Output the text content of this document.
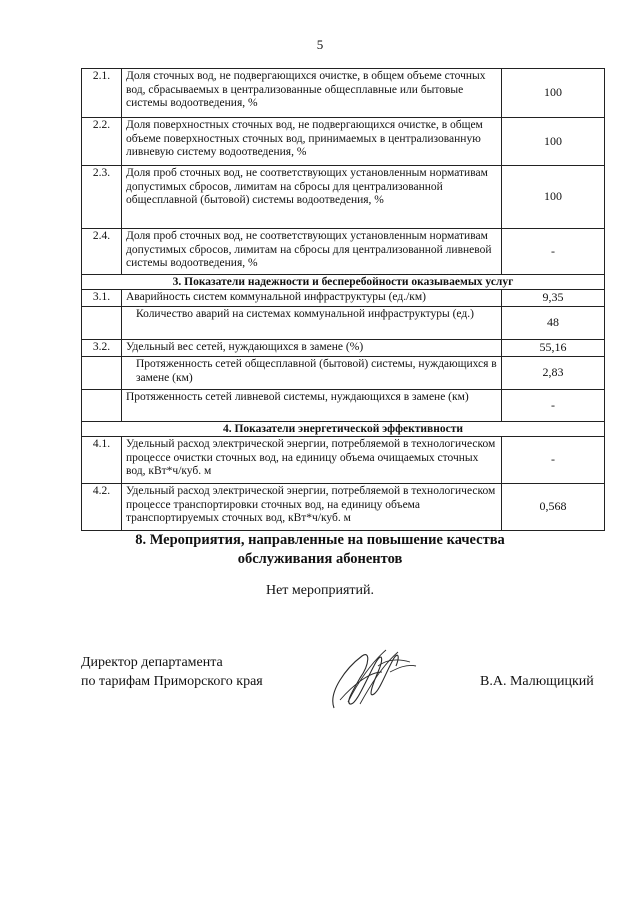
5
2.1.	Доля сточных вод, не подвергающихся очистке, в общем объеме сточных вод, сбрасываемых в централизованные общесплавные или бытовые системы водоотведения, %	100
2.2.	Доля поверхностных сточных вод, не подвергающихся очистке, в общем объеме поверхностных сточных вод, принимаемых в централизованную ливневую систему водоотведения, %	100
2.3.	Доля проб сточных вод, не соответствующих установленным нормативам допустимых сбросов, лимитам на сбросы для централизованной общесплавной (бытовой) системы водоотведения, %	100
2.4.	Доля проб сточных вод, не соответствующих установленным нормативам допустимых сбросов, лимитам на сбросы для централизованной ливневой системы водоотведения, %	-
3. Показатели надежности и бесперебойности оказываемых услуг		
3.1.	Аварийность систем коммунальной инфраструктуры (ед./км)	9,35
	Количество аварий на системах коммунальной инфраструктуры (ед.)	48
3.2.	Удельный вес сетей, нуждающихся в замене (%)	55,16
	Протяженность сетей общесплавной (бытовой) системы, нуждающихся в замене (км)	2,83
	Протяженность сетей ливневой системы, нуждающихся в замене (км)	-
4. Показатели энергетической эффективности		
4.1.	Удельный расход электрической энергии, потребляемой в технологическом процессе очистки сточных вод, на единицу объема очищаемых сточных вод, кВт*ч/куб. м	-
4.2.	Удельный расход электрической энергии, потребляемой в технологическом процессе транспортировки сточных вод, на единицу объема транспортируемых сточных вод, кВт*ч/куб. м	0,568
8. Мероприятия, направленные на повышение качества
обслуживания абонентов
Нет мероприятий.
Директор департамента
по тарифам Приморского края	В.А. Малющицкий
